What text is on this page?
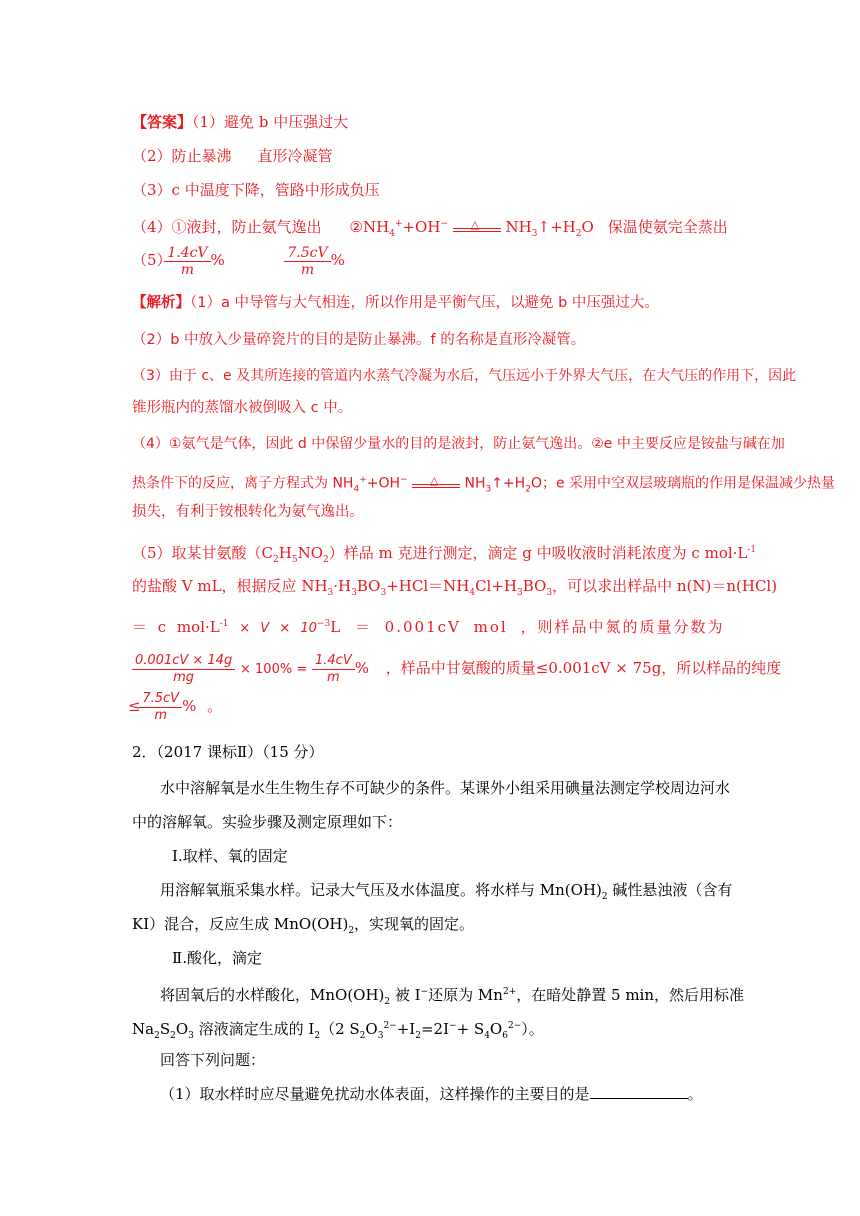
【答案】（1）避免 b 中压强过大
（2）防止暴沸 直形冷凝管
（3）c 中温度下降，管路中形成负压
（4）①液封，防止氨气逸出 $②NH_4^++OH^-$ △ $NH_3↑+H_2O$ 保温使氨完全蒸出
（5）
$\frac{1.4cV}{m}$ %	$\frac{7.5cV}{m}$ %
【解析】（1）a 中导管与大气相连，所以作用是平衡气压，以避免 b 中压强过大。
（2）b 中放入少量碎瓷片的目的是防止暴沸。f 的名称是直形冷凝管。
（3）由于 c、e 及其所连接的管道内水蒸气冷凝为水后，气压远小于外界大气压，在大气压的作用下，因此
锥形瓶内的蒸馏水被倒吸入 c 中。
（4）①氨气是气体，因此 d 中保留少量水的目的是液封，防止氨气逸出。②e 中主要反应是铵盐与碱在加
热条件下的反应，离子方程式为 $NH_4^++OH^-$ △ $NH_3↑+H_2O$；e 采用中空双层玻璃瓶的作用是保温减少热量
损失，有利于铵根转化为氨气逸出。
（5）取某甘氨酸$(C_2H_5NO_2)$样品 m 克进行测定，滴定 g 中吸收液时消耗浓度为 c $mol\cdot L^{-1}$
的盐酸 V mL，根据反应 $NH_3\cdot H_3BO_3+HCl=NH_4Cl+H_3BO_3$，可以求出样品中 n(N)＝n(HCl)
＝ c $mol\cdot L^{-1} \times V \times 10^{-3}L = 0.001cV$ mol ，则样品中氮的质量分数为
$\frac{0.001cV \times 14g}{mg} \times 100\% = \frac{1.4cV}{m}$ % ，样品中甘氨酸的质量≤0.001cV × 75g，所以样品的纯度
≤
$\frac{7.5cV}{m}$ % 。
2．（2017 课标Ⅱ）（15 分）
水中溶解氧是水生生物生存不可缺少的条件。某课外小组采用碘量法测定学校周边河水
中的溶解氧。实验步骤及测定原理如下：
Ⅰ.取样、氧的固定
用溶解氧瓶采集水样。记录大气压及水体温度。将水样与 $Mn(OH)_2$ 碱性悬浊液（含有
KI）混合，反应生成 $MnO(OH)_2$，实现氧的固定。
Ⅱ.酸化，滴定
将固氧后的水样酸化，$MnO(OH)_2$ 被 I−还原为 $Mn^{2+}$，在暗处静置 5 min，然后用标准
$Na_2S_2O_3$ 溶液滴定生成的 $I_2(2$ $S_2O_3^{2-}+I_2=2I^-+ S_4O_6^{2-}$）。
回答下列问题：
（1）取水样时应尽量避免扰动水体表面，这样操作的主要目的是	。
